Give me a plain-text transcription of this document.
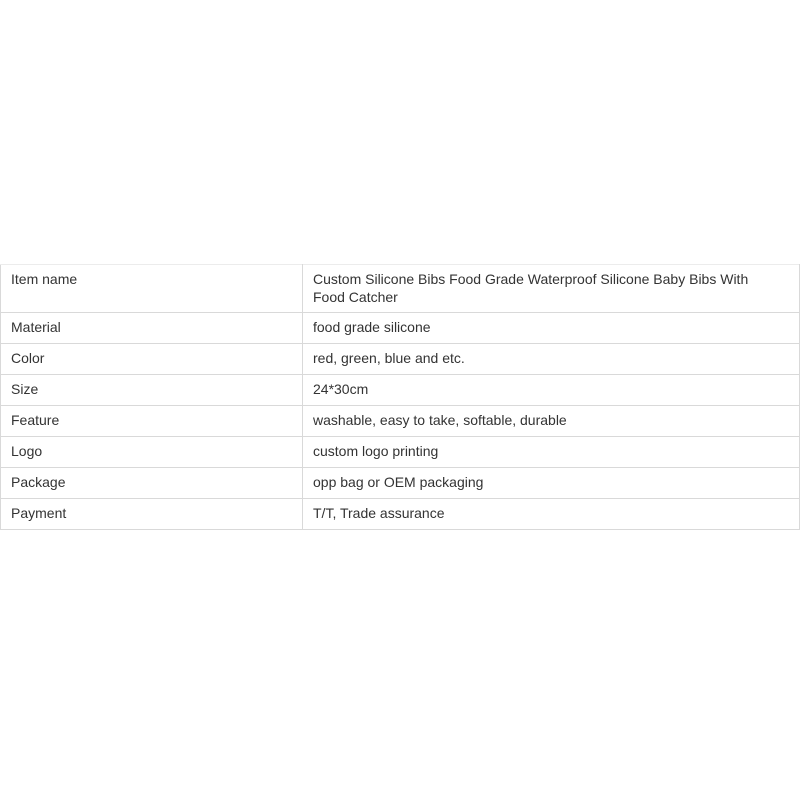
Item name	Custom Silicone Bibs Food Grade Waterproof Silicone Baby Bibs With Food Catcher
Material	food grade silicone
Color	red, green, blue and etc.
Size	24*30cm
Feature	washable, easy to take, softable, durable
Logo	custom logo printing
Package	opp bag or OEM packaging
Payment	T/T, Trade assurance
